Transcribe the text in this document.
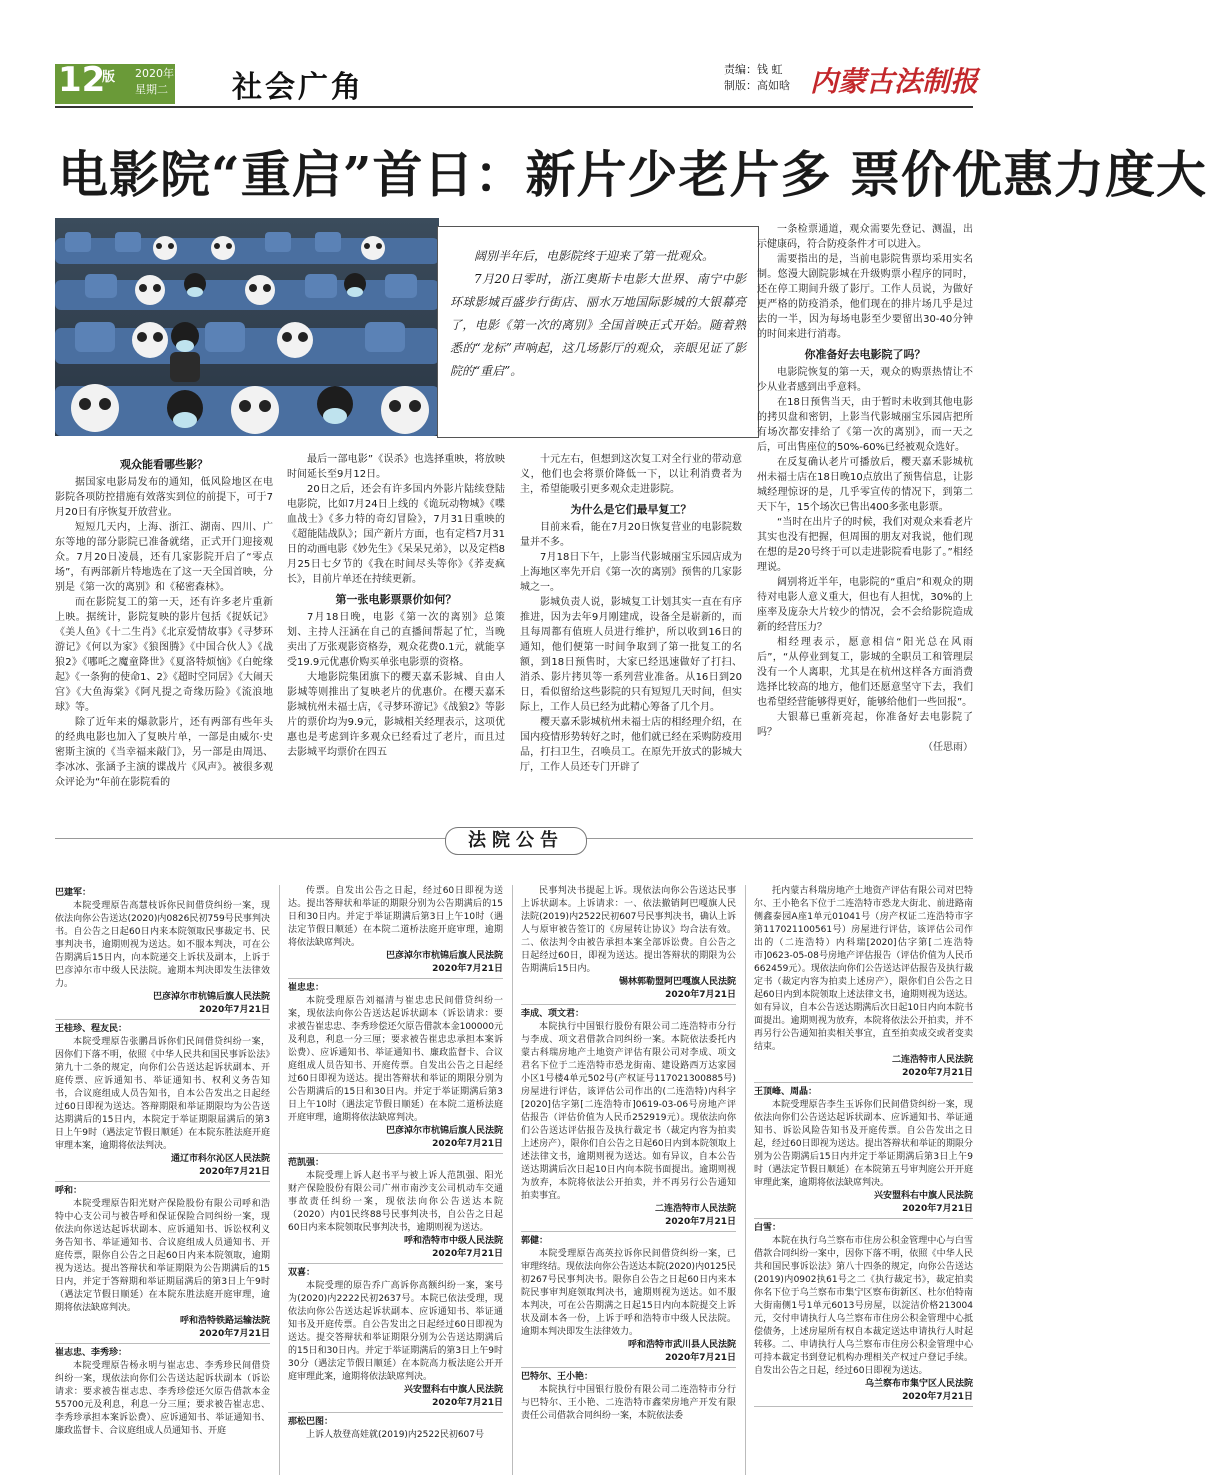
12
版 2020年7月21日
星期二	社会广角
责编：钱 虹
制版：高如晗 内蒙古法制报
电影院“重启”首日：新片少老片多 票价优惠力度大

阔别半年后，电影院终于迎来了第一批观众。

7月20日零时，浙江奥斯卡电影大世界、南宁中影环球影城百盛步行街店、丽水万地国际影城的大银幕亮了，电影《第一次的离别》全国首映正式开始。随着熟悉的“龙标”声响起，这几场影厅的观众，亲眼见证了影院的“重启”。

观众能看哪些影？

据国家电影局发布的通知，低风险地区在电影院各项防控措施有效落实到位的前提下，可于7月20日有序恢复开放营业。

短短几天内，上海、浙江、湖南、四川、广东等地的部分影院已准备就绪，正式开门迎接观众。7月20日凌晨，还有几家影院开启了“零点场”，有两部新片特地选在了这一天全国首映，分别是《第一次的离别》和《秘密森林》。

而在影院复工的第一天，还有许多老片重新上映。据统计，影院复映的影片包括《捉妖记》《美人鱼》《十二生肖》《北京爱情故事》《寻梦环游记》《何以为家》《狼图腾》《中国合伙人》《战狼2》《哪吒之魔童降世》《夏洛特烦恼》《白蛇缘起》《一条狗的使命1、2》《超时空同居》《大闹天宫》《大鱼海棠》《阿凡提之奇缘历险》《流浪地球》等。

除了近年来的爆款影片，还有两部有些年头的经典电影也加入了复映片单，一部是由威尔·史密斯主演的《当幸福来敲门》，另一部是由周迅、李冰冰、张涵予主演的谍战片《风声》。被很多观众评论为“年前在影院看的

最后一部电影”《误杀》也选择重映，将放映时间延长至9月12日。

20日之后，还会有许多国内外影片陆续登陆电影院，比如7月24日上线的《诡玩动物城》《喋血战士》《多力特的奇幻冒险》，7月31日重映的《超能陆战队》；国产新片方面，也有定档7月31日的动画电影《妙先生》《呆呆兄弟》，以及定档8月25日七夕节的《我在时间尽头等你》《荞麦疯长》，目前片单还在持续更新。

第一张电影票票价如何？

7月18日晚，电影《第一次的离别》总策划、主持人汪涵在自己的直播间帮起了忙，当晚卖出了万张观影资格券，观众花费0.1元，就能享受19.9元优惠价购买单张电影票的资格。

大地影院集团旗下的樱天嘉禾影城、自由人影城等则推出了复映老片的优惠价。在樱天嘉禾影城杭州未福士店，《寻梦环游记》《战狼2》等影片的票价均为9.9元，影城相关经理表示，这项优惠也是考虑到许多观众已经看过了老片，而且过去影城平均票价在四五

十元左右，但想到这次复工对全行业的带动意义，他们也会将票价降低一下，以让利消费者为主，希望能吸引更多观众走进影院。

为什么是它们最早复工？

目前来看，能在7月20日恢复营业的电影院数量并不多。

7月18日下午，上影当代影城丽宝乐园店成为上海地区率先开启《第一次的离别》预售的几家影城之一。

影城负责人说，影城复工计划其实一直在有序推进，因为去年9月刚建成，设备全是崭新的，而且每周都有值班人员进行维护，所以收到16日的通知，他们便第一时间争取到了第一批复工的名额，到18日预售时，大家已经迅速做好了打扫、消杀、影片拷贝等一系列营业准备。从16日到20日，看似留给这些影院的只有短短几天时间，但实际上，工作人员已经为此精心筹备了几个月。

樱天嘉禾影城杭州未福士店的相经理介绍，在国内疫情形势转好之时，他们就已经在采购防疫用品，打扫卫生，召唤员工。在原先开放式的影城大厅，工作人员还专门开辟了

一条检票通道，观众需要先登记、测温，出示健康码，符合防疫条件才可以进入。

需要指出的是，当前电影院售票均采用实名制。悠漫大剧院影城在升级购票小程序的同时，还在停工期间升级了影厅。工作人员说，为做好更严格的防疫消杀，他们现在的排片场几乎是过去的一半，因为每场电影至少要留出30-40分钟的时间来进行消毒。

你准备好去电影院了吗？

电影院恢复的第一天，观众的购票热情让不少从业者感到出乎意料。

在18日预售当天，由于暂时未收到其他电影的拷贝盘和密钥，上影当代影城丽宝乐园店把所有场次都安排给了《第一次的离别》，而一天之后，可出售座位的50%-60%已经被观众选好。

在反复确认老片可播放后，樱天嘉禾影城杭州未福士店在18日晚10点放出了预售信息，让影城经理惊讶的是，几乎零宣传的情况下，到第二天下午，15个场次已售出400多张电影票。

“当时在出片子的时候，我们对观众来看老片其实也没有把握，但周围的朋友对我说，他们现在想的是20号终于可以走进影院看电影了。”相经理说。

阔别将近半年，电影院的“重启”和观众的期待对电影人意义重大，但也有人担忧，30%的上座率及庞杂大片较少的情况，会不会给影院造成新的经营压力？

相经理表示，愿意相信“阳光总在风雨后”，“从停业到复工，影城的全职员工和管理层没有一个人离职，尤其是在杭州这样各方面消费选择比较高的地方，他们还愿意坚守下去，我们也希望经营能够得更好，能够给他们一些回报”。

大银幕已重新亮起，你准备好去电影院了吗？

（任思雨）

法院公告
巴建军：
本院受理原告高慧枝诉你民间借贷纠纷一案，现依法向你公告送达(2020)内0826民初759号民事判决书。自公告之日起60日内来本院领取民事裁定书、民事判决书，逾期则视为送达。如不服本判决，可在公告期满后15日内，向本院递交上诉状及副本，上诉于巴彦淖尔市中级人民法院。逾期本判决即发生法律效力。
巴彦淖尔市杭锦后旗人民法院
2020年7月21日
王桂珍、程友民：
本院受理原告张鹏昌诉你们民间借贷纠纷一案，因你们下落不明，依照《中华人民共和国民事诉讼法》第九十二条的规定，向你们公告送达起诉状副本、开庭传票、应诉通知书、举证通知书、权利义务告知书，合议庭组成人员告知书，自本公告发出之日起经过60日即视为送达。答辩期限和举证期限均为公告送达期满后的15日内，本院定于举证期限届满后的第3日上午9时（遇法定节假日顺延）在本院东胜法庭开庭审理本案，逾期将依法判决。
通辽市科尔沁区人民法院
2020年7月21日
呼和：
本院受理原告阳光财产保险股份有限公司呼和浩特中心支公司与被告呼和保证保险合同纠纷一案，现依法向你送达起诉状副本、应诉通知书、诉讼权利义务告知书、举证通知书、合议庭组成人员通知书、开庭传票，限你自公告之日起60日内来本院领取，逾期视为送达。提出答辩状和举证期限为公告期满后的15日内，并定于答辩期和举证期届满后的第3日上午9时（遇法定节假日顺延）在本院东胜法庭开庭审理，逾期将依法缺席判决。
呼和浩特铁路运输法院
2020年7月21日
崔志忠、李秀珍：
本院受理原告杨永明与崔志忠、李秀珍民间借贷纠纷一案，现依法向你们公告送达起诉状副本（诉讼请求：要求被告崔志忠、李秀珍偿还欠原告借款本金55700元及利息，利息一分三厘；要求被告崔志忠、李秀珍承担本案诉讼费）、应诉通知书、举证通知书、廉政监督卡、合议庭组成人员通知书、开庭
传票。自发出公告之日起，经过60日即视为送达。提出答辩状和举证的期限分别为公告期满后的15日和30日内。并定于举证期满后第3日上午10时（遇法定节假日顺延）在本院二道桥法庭开庭审理，逾期将依法缺席判决。
巴彦淖尔市杭锦后旗人民法院
2020年7月21日
崔忠忠：
本院受理原告刘福清与崔忠忠民间借贷纠纷一案，现依法向你公告送达起诉状副本（诉讼请求：要求被告崔忠忠、李秀珍偿还欠原告借款本金100000元及利息，利息一分三厘；要求被告崔忠忠承担本案诉讼费）、应诉通知书、举证通知书、廉政监督卡、合议庭组成人员告知书、开庭传票。自发出公告之日起经过60日即视为送达。提出答辩状和举证的期限分别为公告期满后的15日和30日内。并定于举证期满后第3日上午10时（遇法定节假日顺延）在本院二道桥法庭开庭审理，逾期将依法缺席判决。
巴彦淖尔市杭锦后旗人民法院
2020年7月21日
范凯强：
本院受理上诉人赵书平与被上诉人范凯强、阳光财产保险股份有限公司广州市南沙支公司机动车交通事故责任纠纷一案，现依法向你公告送达本院（2020）内01民终88号民事判决书，自公告之日起60日内来本院领取民事判决书，逾期则视为送达。
呼和浩特市中级人民法院
2020年7月21日
双喜：
本院受理的原告乔广高诉你高额纠纷一案，案号为(2020)内2222民初2637号。本院已依法受理，现依法向你公告送达起诉状副本、应诉通知书、举证通知书及开庭传票。自公告发出之日起经过60日即视为送达。提交答辩状和举证期限分别为公告送达期满后的15日和30日内。并定于举证期满后的第3日上午9时30分（遇法定节假日顺延）在本院高力板法庭公开开庭审理此案，逾期将依法缺席判决。
兴安盟科右中旗人民法院
2020年7月21日
那松巴图：
上诉人敖登高娃就(2019)内2522民初607号
民事判决书提起上诉。现依法向你公告送达民事上诉状副本。上诉请求：一、依法撤销阿巴嘎旗人民法院(2019)内2522民初607号民事判决书，确认上诉人与原审被告签订的《房屋转让协议》均合法有效。二、依法判令由被告承担本案全部诉讼费。自公告之日起经过60日，即视为送达。提出答辩状的期限为公告期满后15日内。
锡林郭勒盟阿巴嘎旗人民法院
2020年7月21日
李成、项文君：
本院执行中国银行股份有限公司二连浩特市分行与李成、项文君借款合同纠纷一案。本院依法委托内蒙古科瑞房地产土地资产评估有限公司对李成、项文君名下位于二连浩特市恐龙街南、建设路西万达家园小区1号楼4单元502号(产权证号117021300885号)房屋进行评估，该评估公司作出的(二连浩特)内科字[2020]估字第[二连浩特市]0619-03-06号房地产评估报告（评估价值为人民币252919元）。现依法向你们公告送达评估报告及执行裁定书（裁定内容为拍卖上述房产），限你们自公告之日起60日内到本院领取上述法律文书，逾期则视为送达。如有异议，自本公告送达期满后次日起10日内向本院书面提出。逾期则视为放弃，本院将依法公开拍卖，并不再另行公告通知拍卖事宜。
二连浩特市人民法院
2020年7月21日
郭健：
本院受理原告高英拉诉你民间借贷纠纷一案，已审理终结。现依法向你公告送达本院(2020)内0125民初267号民事判决书。限你自公告之日起60日内来本院民事审判庭领取判决书，逾期则视为送达。如不服本判决，可在公告期满之日起15日内向本院提交上诉状及副本各一份，上诉于呼和浩特市中级人民法院。逾期本判决即发生法律效力。
呼和浩特市武川县人民法院
2020年7月21日
巴特尔、王小艳：
本院执行中国银行股份有限公司二连浩特市分行与巴特尔、王小艳、二连浩特市鑫荣房地产开发有限责任公司借款合同纠纷一案，本院依法委
托内蒙古科瑞房地产土地资产评估有限公司对巴特尔、王小艳名下位于二连浩特市恐龙大街北、前进路南侧鑫泰园A座1单元01041号（房产权证二连浩特市字第117021100561号）房屋进行评估，该评估公司作出的（二连浩特）内科瑞[2020]估字第[二连浩特市]0623-05-08号房地产评估报告（评估价值为人民币662459元）。现依法向你们公告送达评估报告及执行裁定书（裁定内容为拍卖上述房产），限你们自公告之日起60日内到本院领取上述法律文书，逾期则视为送达。如有异议，自本公告送达期满后次日起10日内向本院书面提出。逾期则视为放弃，本院将依法公开拍卖，并不再另行公告通知拍卖相关事宜，直至拍卖成交或者变卖结束。
二连浩特市人民法院
2020年7月21日
王顶峰、周晶：
本院受理原告李生玉诉你们民间借贷纠纷一案，现依法向你们公告送达起诉状副本、应诉通知书、举证通知书、诉讼风险告知书及开庭传票。自公告发出之日起，经过60日即视为送达。提出答辩状和举证的期限分别为公告期满后15日内并定于举证期满后第3日上午9时（遇法定节假日顺延）在本院第五号审判庭公开开庭审理此案，逾期将依法缺席判决。
兴安盟科右中旗人民法院
2020年7月21日
白雪：
本院在执行乌兰察布市住房公积金管理中心与白雪借款合同纠纷一案中，因你下落不明，依照《中华人民共和国民事诉讼法》第八十四条的规定，向你公告送达(2019)内0902执61号之二《执行裁定书》，裁定拍卖你名下位于乌兰察布市集宁区察布街新区、杜尔伯特南大街南侧1号1单元6013号房屋，以淀洁价格213004元，交付申请执行人乌兰察布市住房公积金管理中心抵偿债务，上述房屋所有权自本裁定送达申请执行人时起转移。二、申请执行人乌兰察布市住房公积金管理中心可持本裁定书到登记机构办理相关产权过户登记手续。自发出公告之日起，经过60日即视为送达。
乌兰察布市集宁区人民法院
2020年7月21日
